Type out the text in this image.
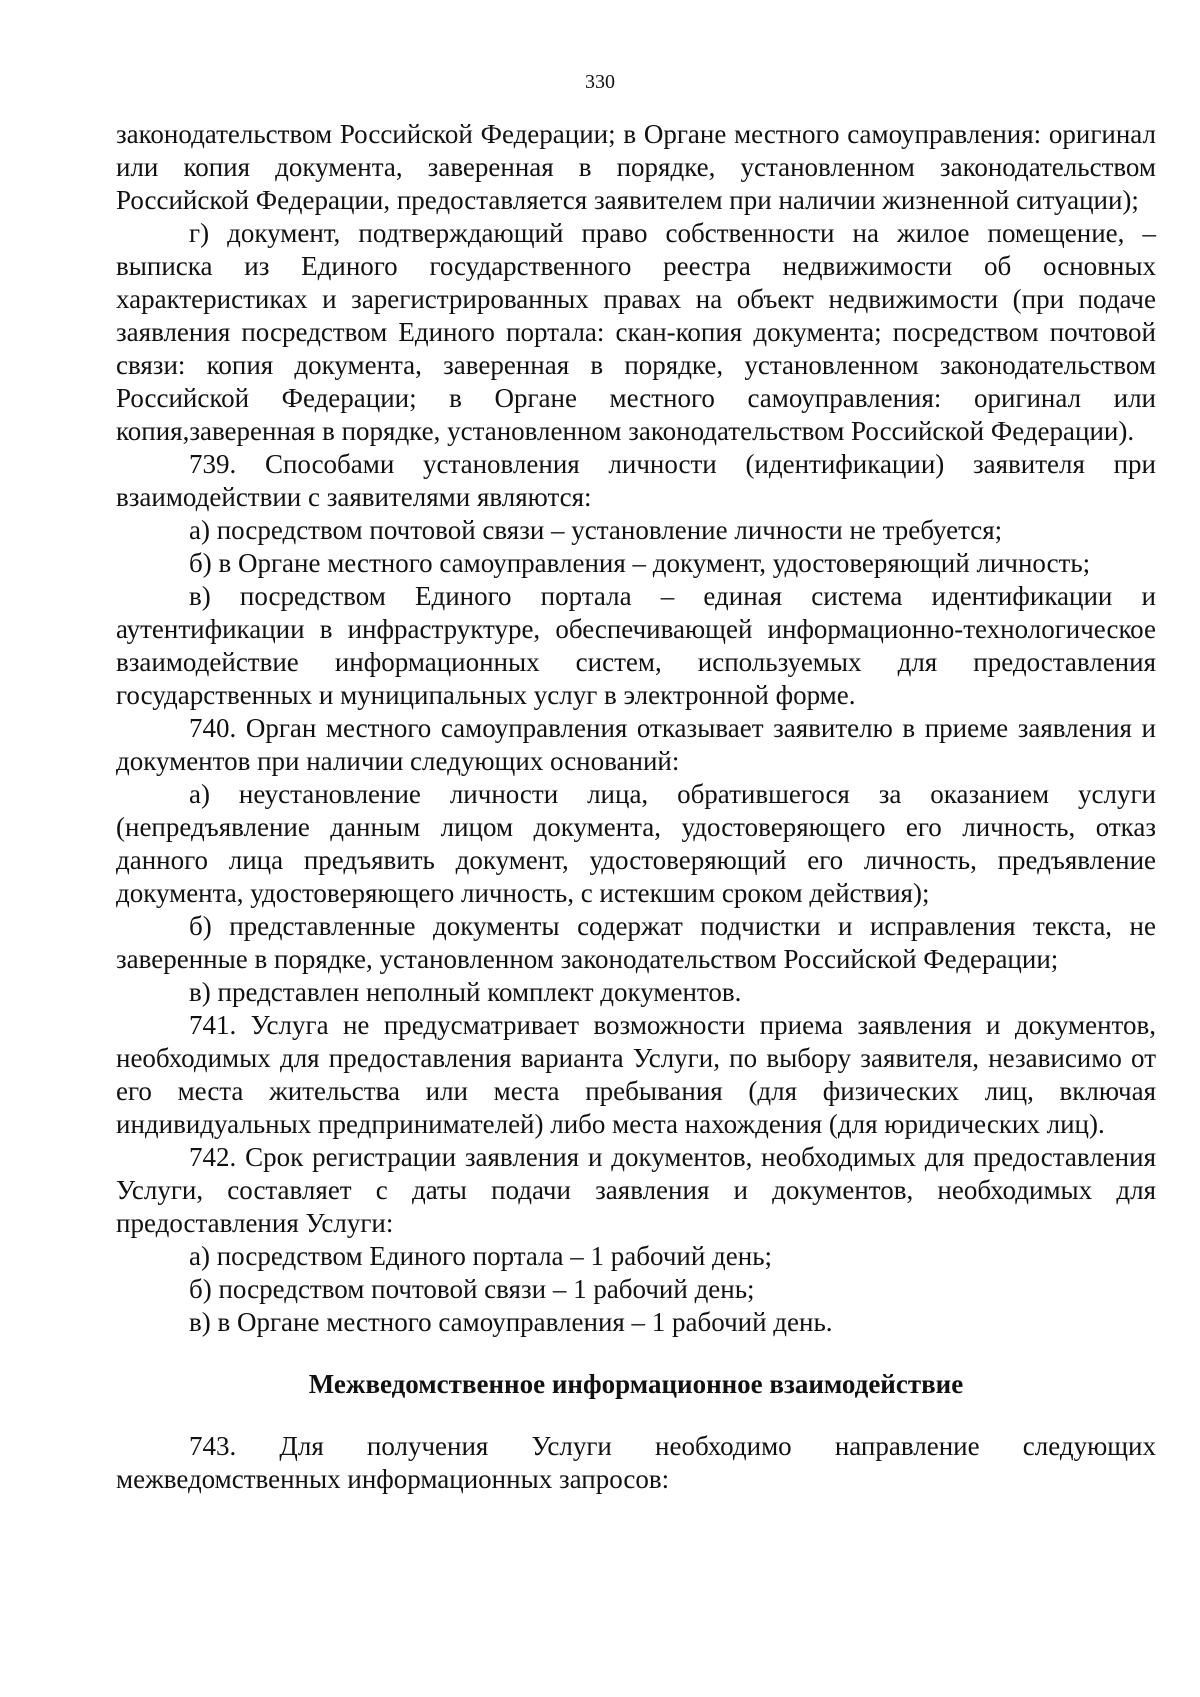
330

законодательством Российской Федерации; в Органе местного самоуправления: оригинал или копия документа, заверенная в порядке, установленном законодательством Российской Федерации, предоставляется заявителем при наличии жизненной ситуации);

г) документ, подтверждающий право собственности на жилое помещение, – выписка из Единого государственного реестра недвижимости об основных характеристиках и зарегистрированных правах на объект недвижимости (при подаче заявления посредством Единого портала: скан-копия документа; посредством почтовой связи: копия документа, заверенная в порядке, установленном законодательством Российской Федерации; в Органе местного самоуправления: оригинал или копия,заверенная в порядке, установленном законодательством Российской Федерации).

739. Способами установления личности (идентификации) заявителя при взаимодействии с заявителями являются:

а) посредством почтовой связи – установление личности не требуется;

б) в Органе местного самоуправления – документ, удостоверяющий личность;

в) посредством Единого портала – единая система идентификации и аутентификации в инфраструктуре, обеспечивающей информационно-технологическое взаимодействие информационных систем, используемых для предоставления государственных и муниципальных услуг в электронной форме.

740. Орган местного самоуправления отказывает заявителю в приеме заявления и документов при наличии следующих оснований:

а) неустановление личности лица, обратившегося за оказанием услуги (непредъявление данным лицом документа, удостоверяющего его личность, отказ данного лица предъявить документ, удостоверяющий его личность, предъявление документа, удостоверяющего личность, с истекшим сроком действия);

б) представленные документы содержат подчистки и исправления текста, не заверенные в порядке, установленном законодательством Российской Федерации;

в) представлен неполный комплект документов.

741. Услуга не предусматривает возможности приема заявления и документов, необходимых для предоставления варианта Услуги, по выбору заявителя, независимо от его места жительства или места пребывания (для физических лиц, включая индивидуальных предпринимателей) либо места нахождения (для юридических лиц).

742. Срок регистрации заявления и документов, необходимых для предоставления Услуги, составляет с даты подачи заявления и документов, необходимых для предоставления Услуги:

а) посредством Единого портала – 1 рабочий день;

б) посредством почтовой связи – 1 рабочий день;

в) в Органе местного самоуправления – 1 рабочий день.

Межведомственное информационное взаимодействие

743. Для получения Услуги необходимо направление следующих межведомственных информационных запросов:
